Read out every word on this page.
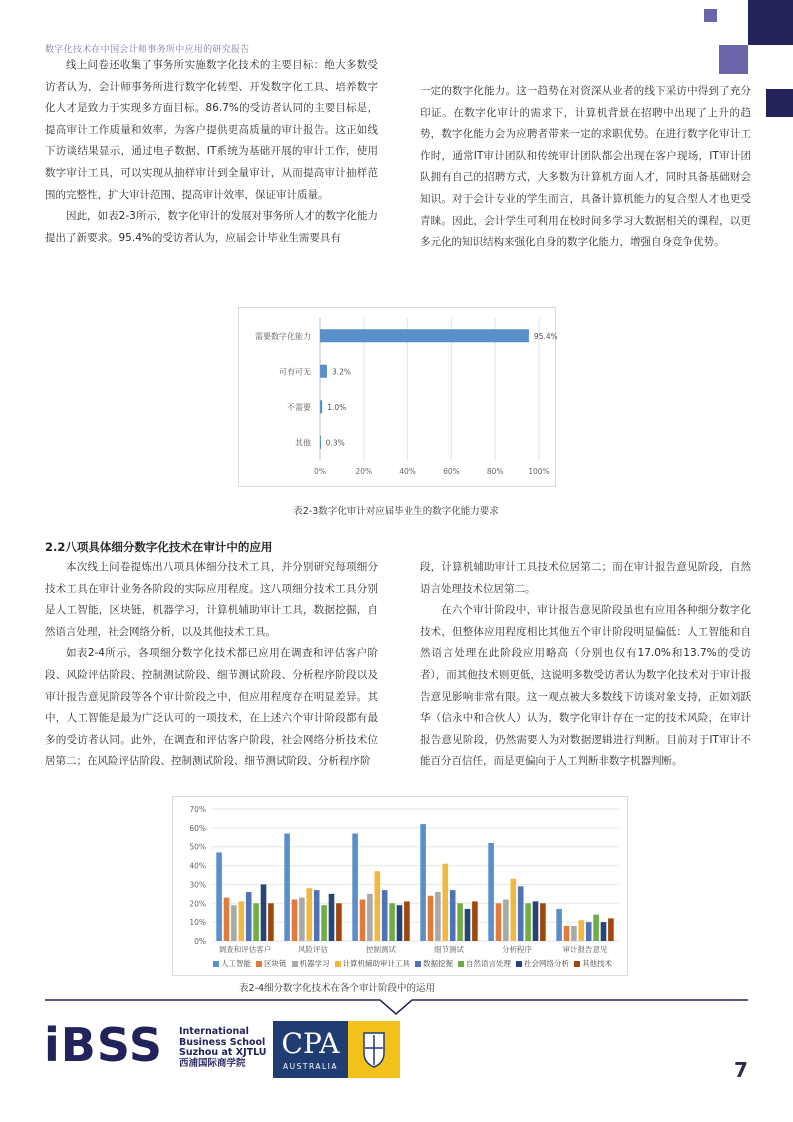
数字化技术在中国会计师事务所中应用的研究报告

线上问卷还收集了事务所实施数字化技术的主要目标：绝大多数受访者认为，会计师事务所进行数字化转型、开发数字化工具、培养数字化人才是致力于实现多方面目标。86.7%的受访者认同的主要目标是，提高审计工作质量和效率，为客户提供更高质量的审计报告。这正如线下访谈结果显示，通过电子数据、IT系统为基础开展的审计工作，使用数字审计工具，可以实现从抽样审计到全量审计，从而提高审计抽样范围的完整性，扩大审计范围、提高审计效率，保证审计质量。

因此，如表2-3所示，数字化审计的发展对事务所人才的数字化能力提出了新要求。95.4%的受访者认为，应届会计毕业生需要具有

一定的数字化能力。这一趋势在对资深从业者的线下采访中得到了充分印证。在数字化审计的需求下，计算机背景在招聘中出现了上升的趋势，数字化能力会为应聘者带来一定的求职优势。在进行数字化审计工作时，通常IT审计团队和传统审计团队都会出现在客户现场，IT审计团队拥有自己的招聘方式，大多数为计算机方面人才，同时具备基础财会知识。对于会计专业的学生而言，具备计算机能力的复合型人才也更受青睐。因此，会计学生可利用在校时间多学习大数据相关的课程，以更多元化的知识结构来强化自身的数字化能力，增强自身竞争优势。

0%	20%	40%	60%	80%	100%
需要数字化能力	95.4%
可有可无	3.2%
不需要 1.0%
其他 0.3%
表2-3数字化审计对应届毕业生的数字化能力要求
2.2八项具体细分数字化技术在审计中的应用

本次线上问卷提炼出八项具体细分技术工具，并分别研究每项细分技术工具在审计业务各阶段的实际应用程度。这八项细分技术工具分别是人工智能，区块链，机器学习，计算机辅助审计工具，数据挖掘，自然语言处理，社会网络分析，以及其他技术工具。

如表2-4所示，各项细分数字化技术都已应用在调查和评估客户阶段、风险评估阶段、控制测试阶段、细节测试阶段、分析程序阶段以及审计报告意见阶段等各个审计阶段之中，但应用程度存在明显差异。其中，人工智能是最为广泛认可的一项技术，在上述六个审计阶段都有最多的受访者认同。此外，在调查和评估客户阶段，社会网络分析技术位居第二；在风险评估阶段、控制测试阶段、细节测试阶段、分析程序阶

段，计算机辅助审计工具技术位居第二；而在审计报告意见阶段，自然语言处理技术位居第二。

在六个审计阶段中，审计报告意见阶段虽也有应用各种细分数字化技术，但整体应用程度相比其他五个审计阶段明显偏低：人工智能和自然语言处理在此阶段应用略高（分别也仅有17.0%和13.7%的受访者），而其他技术则更低，这说明多数受访者认为数字化技术对于审计报告意见影响非常有限。这一观点被大多数线下访谈对象支持，正如刘跃华（信永中和合伙人）认为，数字化审计存在一定的技术风险，在审计报告意见阶段，仍然需要人为对数据逻辑进行判断。目前对于IT审计不能百分百信任，而是更偏向于人工判断非数字机器判断。

70%
60%
50%
40%
30%
20%
10%
0%
调查和评估客户	风险评估	控制测试	细节测试	分析程序	审计报告意见
人工智能 区块链 机器学习 计算机辅助审计工具 数据挖掘 自然语言处理 社会网络分析 其他技术
表2-4细分数字化技术在各个审计阶段中的运用
iBSS International
Business School
Suzhou at XJTLU
西浦国际商学院
CPA
AUSTRALIA	7
